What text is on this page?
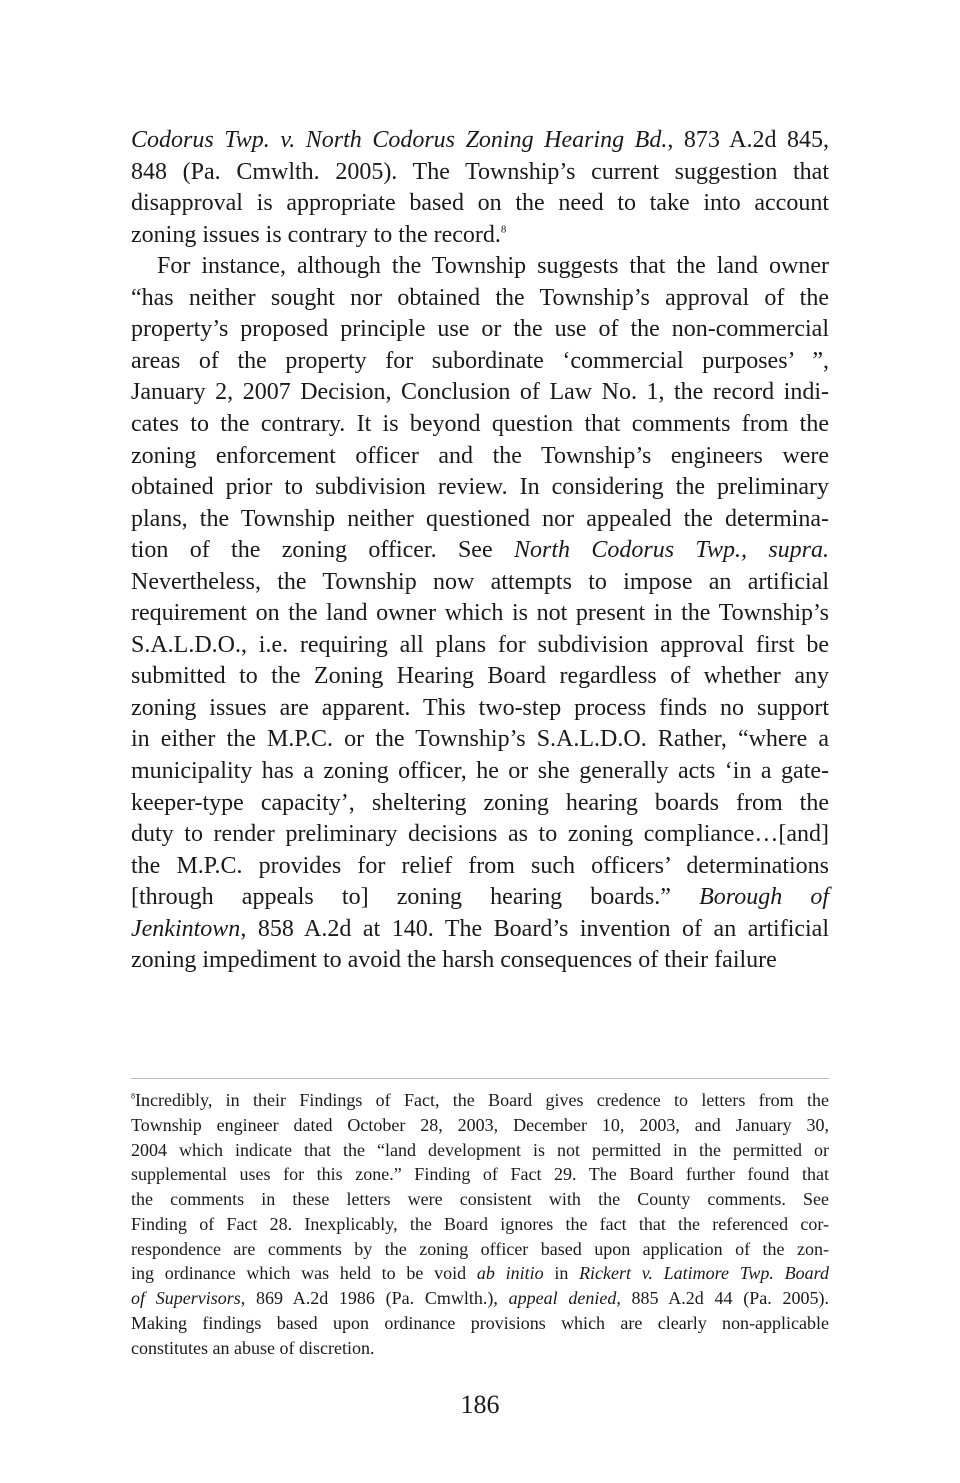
Codorus Twp. v. North Codorus Zoning Hearing Bd., 873 A.2d 845,
848 (Pa. Cmwlth. 2005). The Township’s current suggestion that
disapproval is appropriate based on the need to take into account
zoning issues is contrary to the record.$^8$
For instance, although the Township suggests that the land owner
“has neither sought nor obtained the Township’s approval of the
property’s proposed principle use or the use of the non-commercial
areas of the property for subordinate ‘commercial purposes’ ”,
January 2, 2007 Decision, Conclusion of Law No. 1, the record indi-
cates to the contrary. It is beyond question that comments from the
zoning enforcement officer and the Township’s engineers were
obtained prior to subdivision review. In considering the preliminary
plans, the Township neither questioned nor appealed the determina-
tion of the zoning officer. See North Codorus Twp., supra.
Nevertheless, the Township now attempts to impose an artificial
requirement on the land owner which is not present in the Township’s
S.A.L.D.O., i.e. requiring all plans for subdivision approval first be
submitted to the Zoning Hearing Board regardless of whether any
zoning issues are apparent. This two-step process finds no support
in either the M.P.C. or the Township’s S.A.L.D.O. Rather, “where a
municipality has a zoning officer, he or she generally acts ‘in a gate-
keeper-type capacity’, sheltering zoning hearing boards from the
duty to render preliminary decisions as to zoning compliance…[and]
the M.P.C. provides for relief from such officers’ determinations
[through appeals to] zoning hearing boards.” Borough of
Jenkintown, 858 A.2d at 140. The Board’s invention of an artificial
zoning impediment to avoid the harsh consequences of their failure
$^8$Incredibly, in their Findings of Fact, the Board gives credence to letters from the
Township engineer dated October 28, 2003, December 10, 2003, and January 30,
2004 which indicate that the “land development is not permitted in the permitted or
supplemental uses for this zone.” Finding of Fact 29. The Board further found that
the comments in these letters were consistent with the County comments. See
Finding of Fact 28. Inexplicably, the Board ignores the fact that the referenced cor-
respondence are comments by the zoning officer based upon application of the zon-
ing ordinance which was held to be void ab initio in Rickert v. Latimore Twp. Board
of Supervisors, 869 A.2d 1986 (Pa. Cmwlth.), appeal denied, 885 A.2d 44 (Pa. 2005).
Making findings based upon ordinance provisions which are clearly non-applicable
constitutes an abuse of discretion.
186
